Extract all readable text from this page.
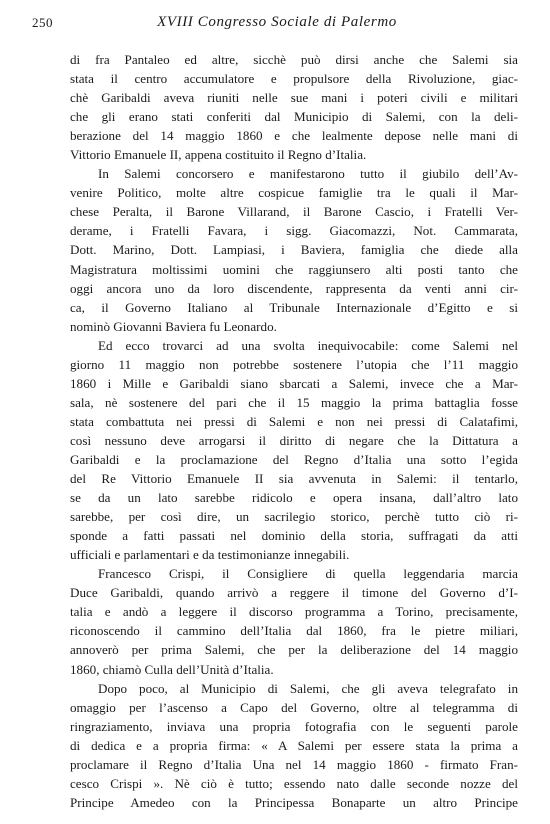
250	XVIII Congresso Sociale di Palermo
di fra Pantaleo ed altre, sicchè può dirsi anche che Salemi sia
stata il centro accumulatore e propulsore della Rivoluzione, giac-
chè Garibaldi aveva riuniti nelle sue mani i poteri civili e militari
che gli erano stati conferiti dal Municipio di Salemi, con la deli-
berazione del 14 maggio 1860 e che lealmente depose nelle mani di
Vittorio Emanuele II, appena costituito il Regno d’Italia.
In Salemi concorsero e manifestarono tutto il giubilo dell’Av-
venire Politico, molte altre cospicue famiglie tra le quali il Mar-
chese Peralta, il Barone Villarand, il Barone Cascio, i Fratelli Ver-
derame, i Fratelli Favara, i sigg. Giacomazzi, Not. Cammarata,
Dott. Marino, Dott. Lampiasi, i Baviera, famiglia che diede alla
Magistratura moltissimi uomini che raggiunsero alti posti tanto che
oggi ancora uno da loro discendente, rappresenta da venti anni cir-
ca, il Governo Italiano al Tribunale Internazionale d’Egitto e si
nominò Giovanni Baviera fu Leonardo.
Ed ecco trovarci ad una svolta inequivocabile: come Salemi nel
giorno 11 maggio non potrebbe sostenere l’utopia che l’11 maggio
1860 i Mille e Garibaldi siano sbarcati a Salemi, invece che a Mar-
sala, nè sostenere del pari che il 15 maggio la prima battaglia fosse
stata combattuta nei pressi di Salemi e non nei pressi di Calatafimi,
così nessuno deve arrogarsi il diritto di negare che la Dittatura a
Garibaldi e la proclamazione del Regno d’Italia una sotto l’egida
del Re Vittorio Emanuele II sia avvenuta in Salemi: il tentarlo,
se da un lato sarebbe ridicolo e opera insana, dall’altro lato
sarebbe, per così dire, un sacrilegio storico, perchè tutto ciò ri-
sponde a fatti passati nel dominio della storia, suffragati da atti
ufficiali e parlamentari e da testimonianze innegabili.
Francesco Crispi, il Consigliere di quella leggendaria marcia
Duce Garibaldi, quando arrivò a reggere il timone del Governo d’I-
talia e andò a leggere il discorso programma a Torino, precisamente,
riconoscendo il cammino dell’Italia dal 1860, fra le pietre miliari,
annoverò per prima Salemi, che per la deliberazione del 14 maggio
1860, chiamò Culla dell’Unità d’Italia.
Dopo poco, al Municipio di Salemi, che gli aveva telegrafato in
omaggio per l’ascenso a Capo del Governo, oltre al telegramma di
ringraziamento, inviava una propria fotografia con le seguenti parole
di dedica e a propria firma: « A Salemi per essere stata la prima a
proclamare il Regno d’Italia Una nel 14 maggio 1860 - firmato Fran-
cesco Crispi ». Nè ciò è tutto; essendo nato dalle seconde nozze del
Principe Amedeo con la Principessa Bonaparte un altro Principe
